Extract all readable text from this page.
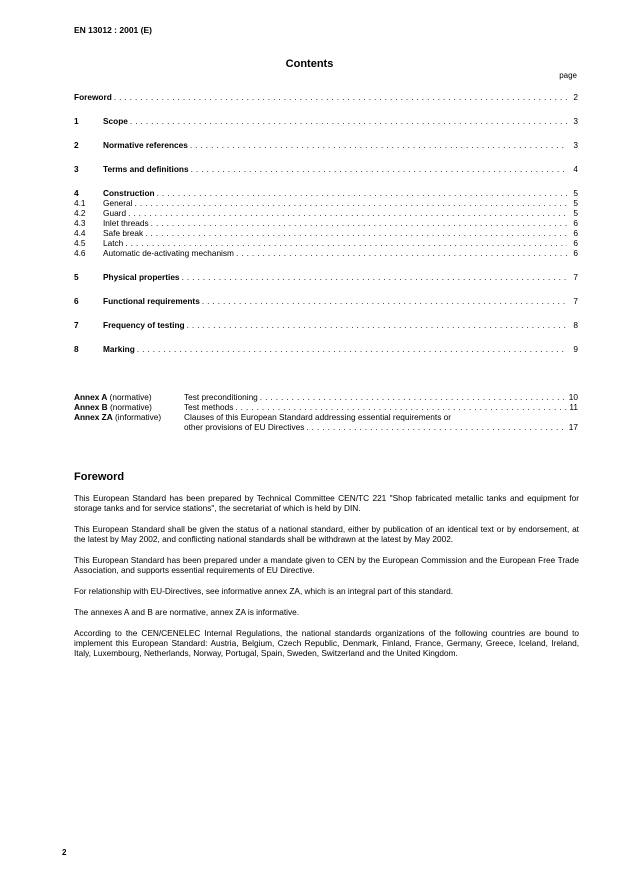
EN 13012 : 2001 (E)
Contents
page
Foreword . . .	2
1	Scope . . .	3
2	Normative references . . .	3
3	Terms and definitions . . .	4
4	Construction . . .	5
4.1	General . . .	5
4.2	Guard . . .	5
4.3	Inlet threads . . .	6
4.4	Safe break . . .	6
4.5	Latch . . .	6
4.6	Automatic de-activating mechanism . . .	6
5	Physical properties . . .	7
6	Functional requirements . . .	7
7	Frequency of testing . . .	8
8	Marking . . .	9
Annex A (normative)	Test preconditioning . . .	10
Annex B (normative)	Test methods . . .	11
Annex ZA (informative)	Clauses of this European Standard addressing essential requirements or
other provisions of EU Directives . . .	17
Foreword

This European Standard has been prepared by Technical Committee CEN/TC 221 "Shop fabricated metallic tanks and equipment for storage tanks and for service stations", the secretariat of which is held by DIN.

This European Standard shall be given the status of a national standard, either by publication of an identical text or by endorsement, at the latest by May 2002, and conflicting national standards shall be withdrawn at the latest by May 2002.

This European Standard has been prepared under a mandate given to CEN by the European Commission and the European Free Trade Association, and supports essential requirements of EU Directive.

For relationship with EU-Directives, see informative annex ZA, which is an integral part of this standard.

The annexes A and B are normative, annex ZA is informative.

According to the CEN/CENELEC Internal Regulations, the national standards organizations of the following countries are bound to implement this European Standard: Austria, Belgium, Czech Republic, Denmark, Finland, France, Germany, Greece, Iceland, Ireland, Italy, Luxembourg, Netherlands, Norway, Portugal, Spain, Sweden, Switzerland and the United Kingdom.

2
